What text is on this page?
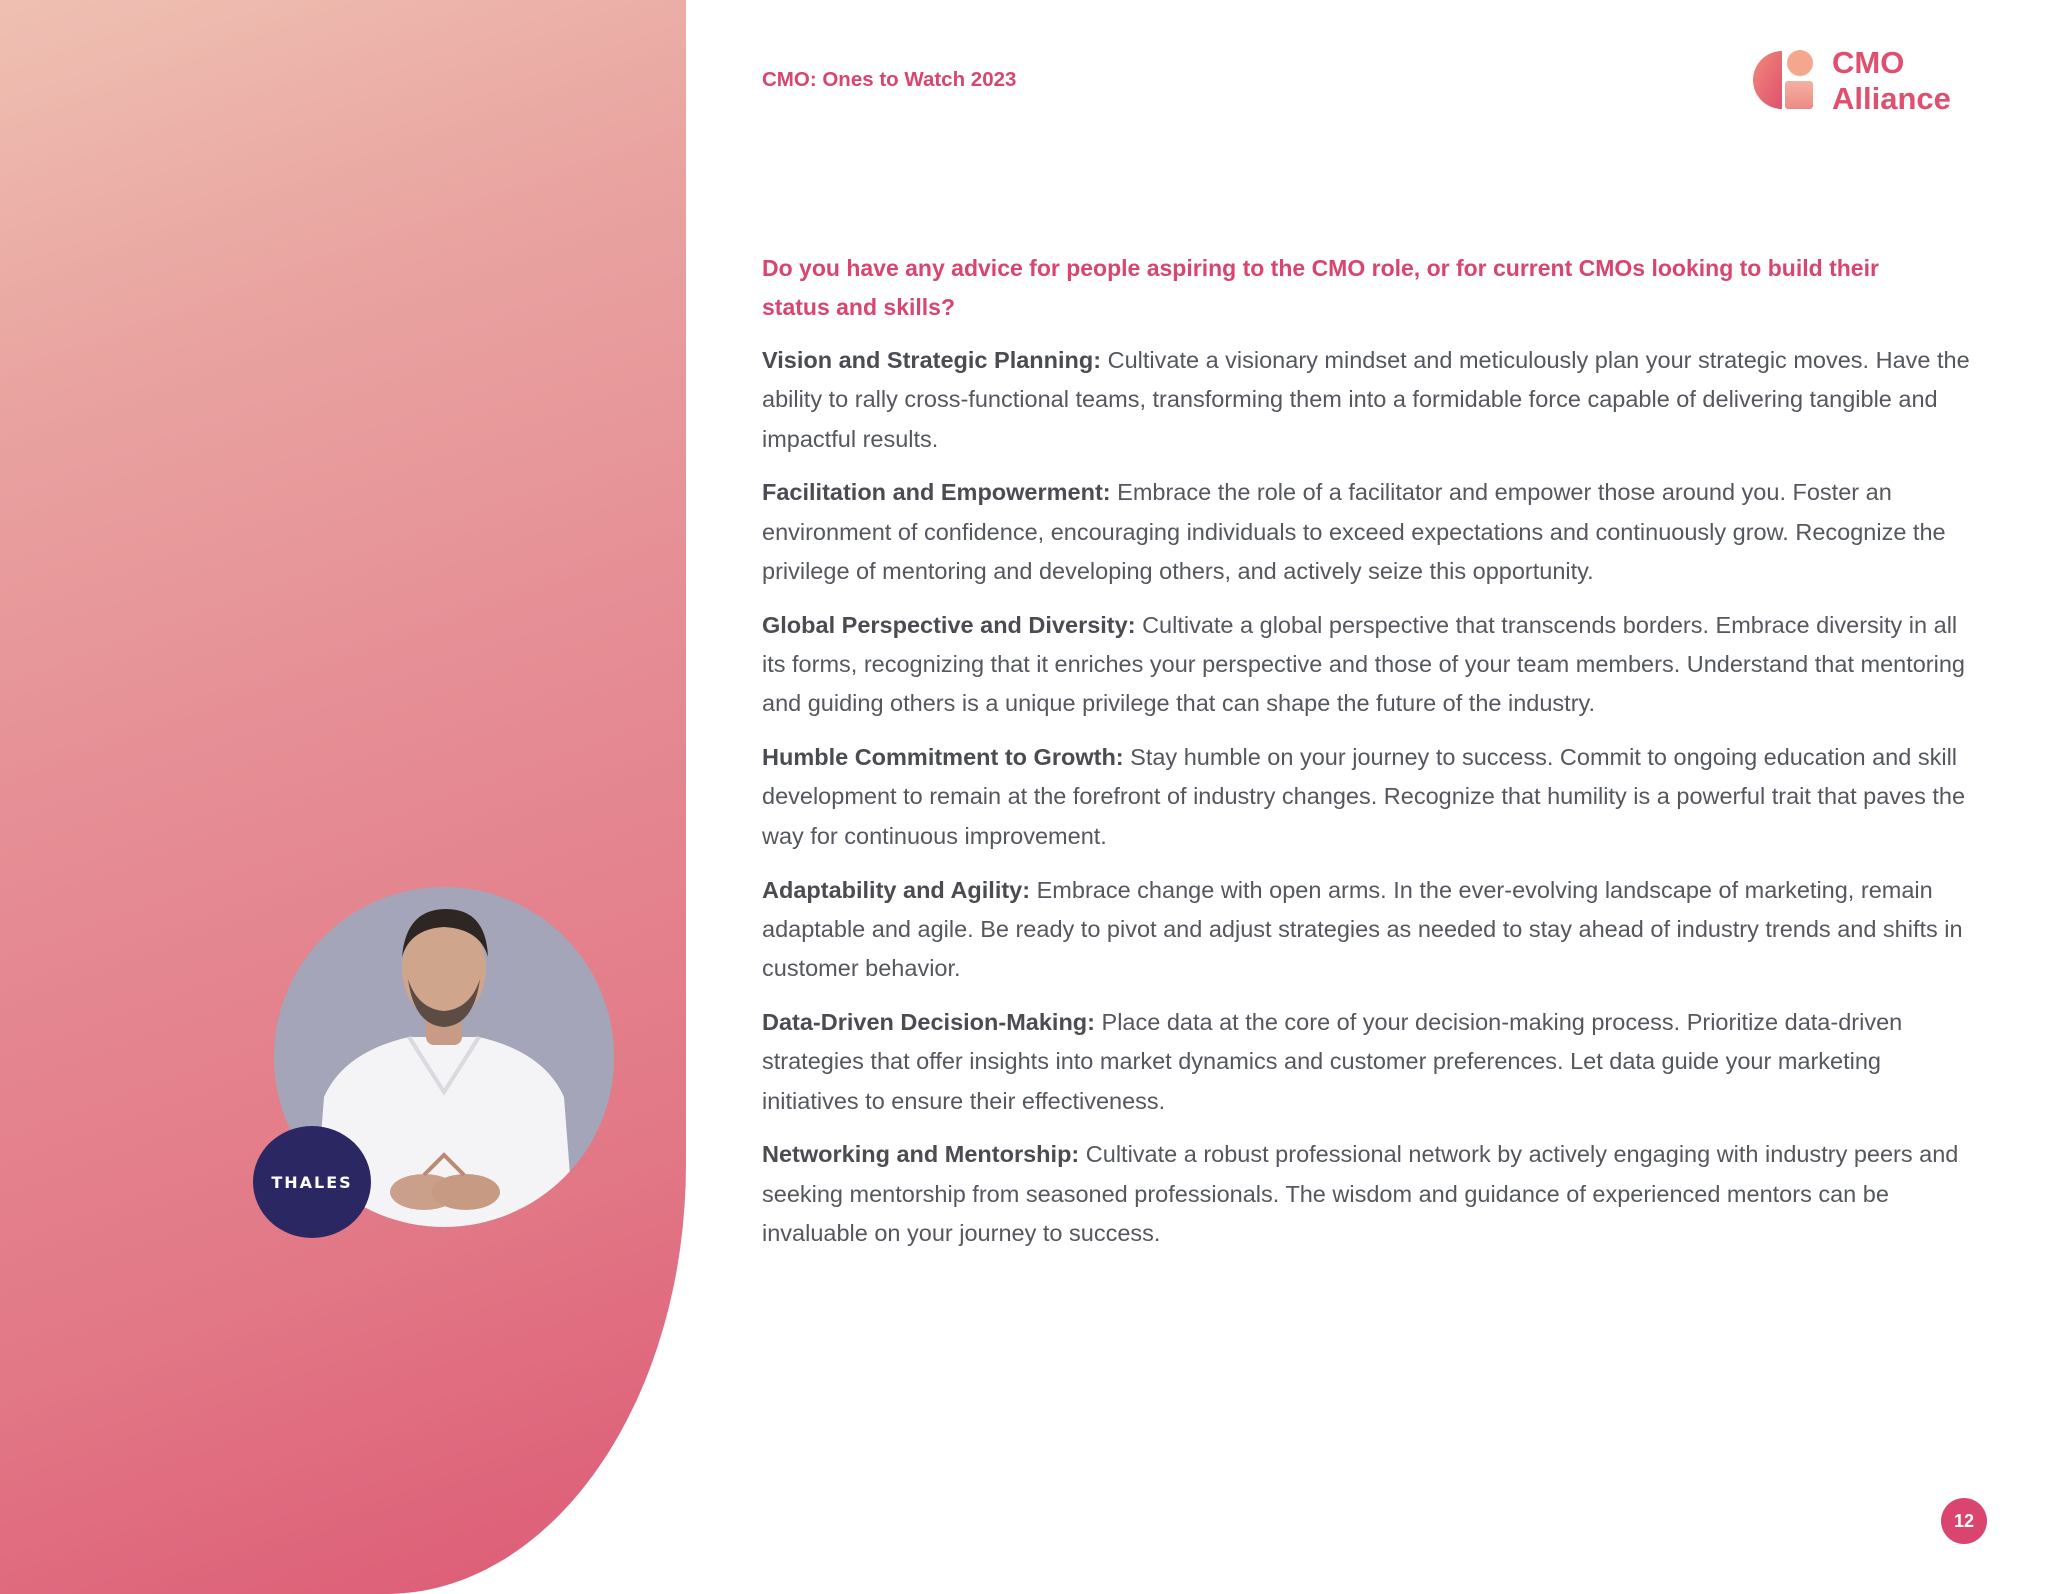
THALES
CMO: Ones to Watch 2023	CMO
Alliance

Do you have any advice for people aspiring to the CMO role, or for current CMOs looking to build their status and skills?

Vision and Strategic Planning: Cultivate a visionary mindset and meticulously plan your strategic moves. Have the ability to rally cross-functional teams, transforming them into a formidable force capable of delivering tangible and impactful results.

Facilitation and Empowerment: Embrace the role of a facilitator and empower those around you. Foster an environment of confidence, encouraging individuals to exceed expectations and continuously grow. Recognize the privilege of mentoring and developing others, and actively seize this opportunity.

Global Perspective and Diversity: Cultivate a global perspective that transcends borders. Embrace diversity in all its forms, recognizing that it enriches your perspective and those of your team members. Understand that mentoring and guiding others is a unique privilege that can shape the future of the industry.

Humble Commitment to Growth: Stay humble on your journey to success. Commit to ongoing education and skill development to remain at the forefront of industry changes. Recognize that humility is a powerful trait that paves the way for continuous improvement.

Adaptability and Agility: Embrace change with open arms. In the ever-evolving landscape of marketing, remain adaptable and agile. Be ready to pivot and adjust strategies as needed to stay ahead of industry trends and shifts in customer behavior.

Data-Driven Decision-Making: Place data at the core of your decision-making process. Prioritize data-driven strategies that offer insights into market dynamics and customer preferences. Let data guide your marketing initiatives to ensure their effectiveness.

Networking and Mentorship: Cultivate a robust professional network by actively engaging with industry peers and seeking mentorship from seasoned professionals. The wisdom and guidance of experienced mentors can be invaluable on your journey to success.

12
